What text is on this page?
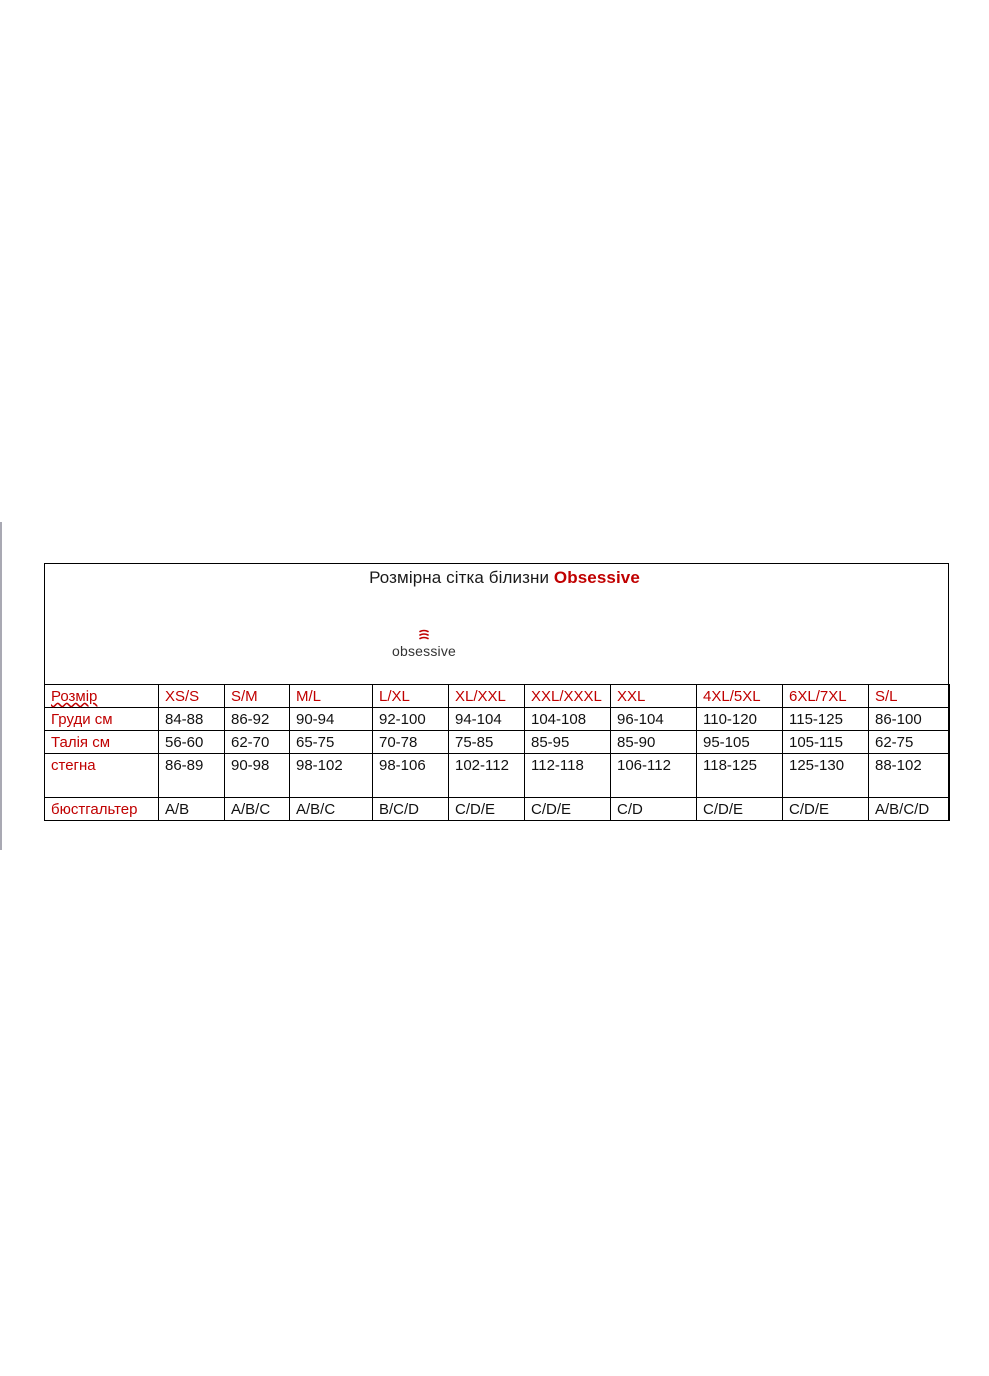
Розмірна сітка білизни Obsessive
obsessive
Розмір	XS/S	S/M	M/L	L/XL	XL/XXL	XXL/XXXL	XXL	4XL/5XL	6XL/7XL	S/L
Груди см	84-88	86-92	90-94	92-100	94-104	104-108	96-104	110-120	115-125	86-100
Талія см	56-60	62-70	65-75	70-78	75-85	85-95	85-90	95-105	105-115	62-75
стегна	86-89	90-98	98-102	98-106	102-112	112-118	106-112	118-125	125-130	88-102
бюстгальтер	A/B	A/B/C	A/B/C	B/C/D	C/D/E	C/D/E	C/D	C/D/E	C/D/E	A/B/C/D
